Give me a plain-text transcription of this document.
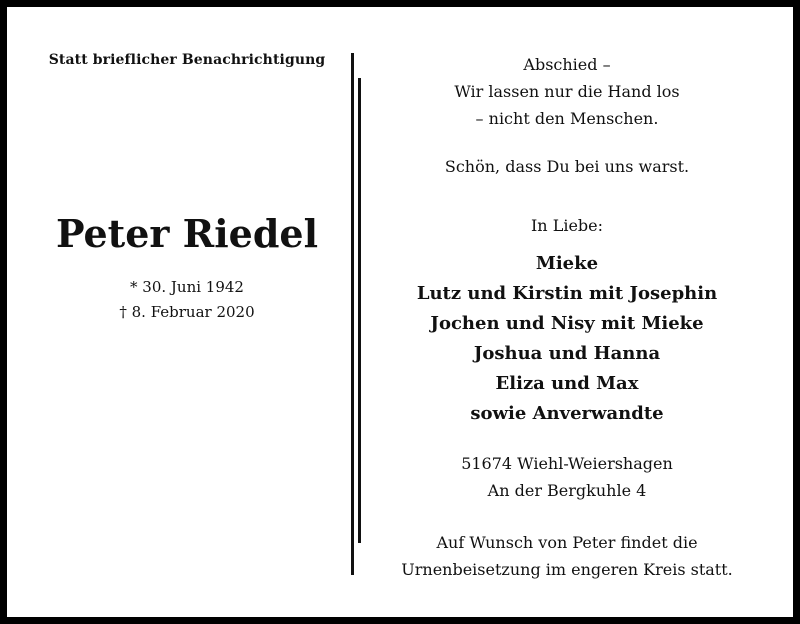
Statt brieflicher Benachrichtigung
Peter Riedel
* 30. Juni 1942
† 8. Februar 2020
Abschied –
Wir lassen nur die Hand los
– nicht den Menschen.
Schön, dass Du bei uns warst.
In Liebe:
Mieke
Lutz und Kirstin mit Josephin
Jochen und Nisy mit Mieke
Joshua und Hanna
Eliza und Max
sowie Anverwandte
51674 Wiehl-Weiershagen
An der Bergkuhle 4
Auf Wunsch von Peter findet die
Urnenbeisetzung im engeren Kreis statt.
